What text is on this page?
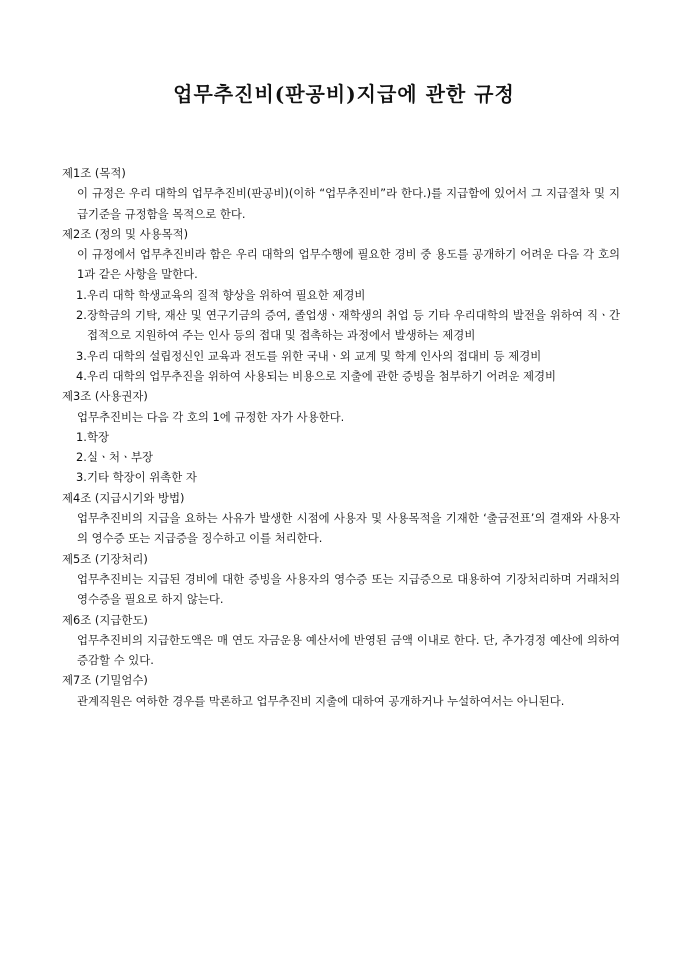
업무추진비(판공비)지급에 관한 규정

제1조 (목적)

이 규정은 우리 대학의 업무추진비(판공비)(이하 “업무추진비”라 한다.)를 지급함에 있어서 그 지급절차 및 지급기준을 규정함을 목적으로 한다.

제2조 (정의 및 사용목적)

이 규정에서 업무추진비라 함은 우리 대학의 업무수행에 필요한 경비 중 용도를 공개하기 어려운 다음 각 호의 1과 같은 사항을 말한다.

1. 우리 대학 학생교육의 질적 향상을 위하여 필요한 제경비
2. 장학금의 기탁, 재산 및 연구기금의 증여, 졸업생ㆍ재학생의 취업 등 기타 우리대학의 발전을 위하여 직ㆍ간접적으로 지원하여 주는 인사 등의 접대 및 접촉하는 과정에서 발생하는 제경비
3. 우리 대학의 설립정신인 교육과 전도를 위한 국내ㆍ외 교계 및 학계 인사의 접대비 등 제경비
4. 우리 대학의 업무추진을 위하여 사용되는 비용으로 지출에 관한 증빙을 첨부하기 어려운 제경비

제3조 (사용권자)

업무추진비는 다음 각 호의 1에 규정한 자가 사용한다.

1. 학장
2. 실ㆍ처ㆍ부장
3. 기타 학장이 위촉한 자

제4조 (지급시기와 방법)

업무추진비의 지급을 요하는 사유가 발생한 시점에 사용자 및 사용목적을 기재한 ‘출금전표’의 결재와 사용자의 영수증 또는 지급증을 징수하고 이를 처리한다.

제5조 (기장처리)

업무추진비는 지급된 경비에 대한 증빙을 사용자의 영수증 또는 지급증으로 대용하여 기장처리하며 거래처의 영수증을 필요로 하지 않는다.

제6조 (지급한도)

업무추진비의 지급한도액은 매 연도 자금운용 예산서에 반영된 금액 이내로 한다. 단, 추가경정 예산에 의하여 증감할 수 있다.

제7조 (기밀엄수)

관계직원은 여하한 경우를 막론하고 업무추진비 지출에 대하여 공개하거나 누설하여서는 아니된다.
